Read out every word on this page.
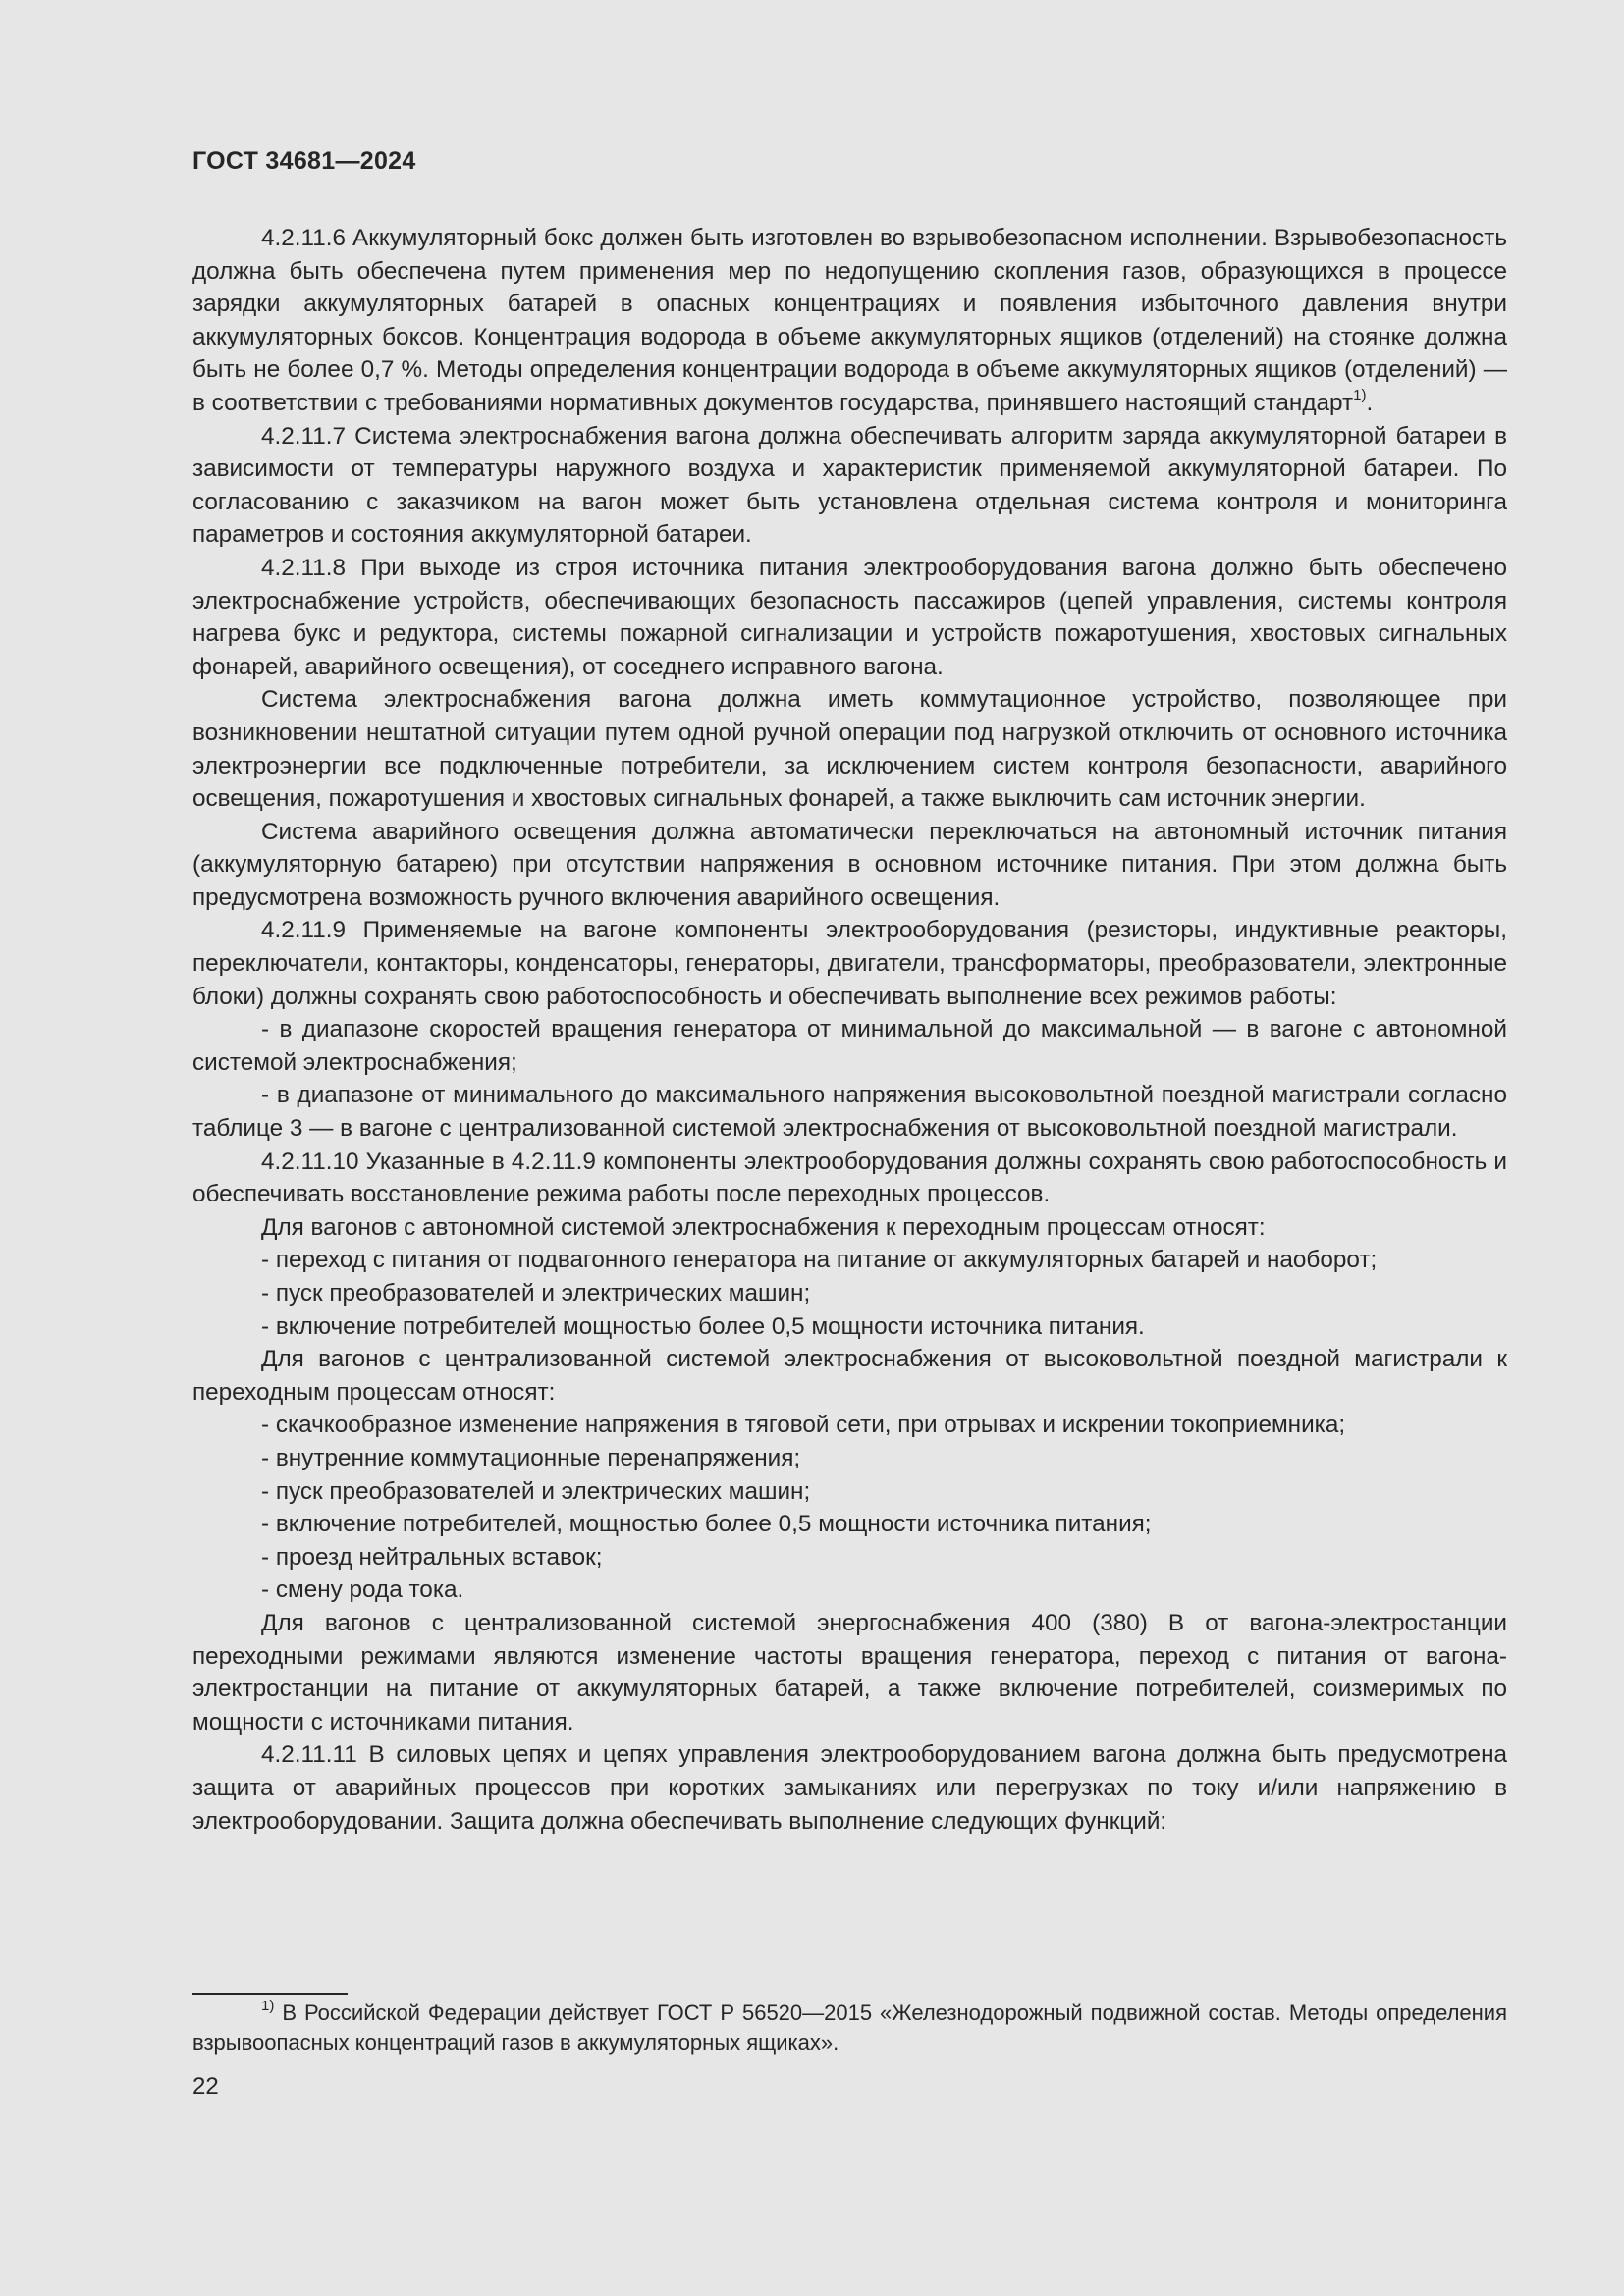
ГОСТ 34681—2024

4.2.11.6 Аккумуляторный бокс должен быть изготовлен во взрывобезопасном исполнении. Взрывобезопасность должна быть обеспечена путем применения мер по недопущению скопления газов, образующихся в процессе зарядки аккумуляторных батарей в опасных концентрациях и появления избыточного давления внутри аккумуляторных боксов. Концентрация водорода в объеме аккумуляторных ящиков (отделений) на стоянке должна быть не более 0,7 %. Методы определения концентрации водорода в объеме аккумуляторных ящиков (отделений) — в соответствии с требованиями нормативных документов государства, принявшего настоящий стандарт$^{1)}$.

4.2.11.7 Система электроснабжения вагона должна обеспечивать алгоритм заряда аккумуляторной батареи в зависимости от температуры наружного воздуха и характеристик применяемой аккумуляторной батареи. По согласованию с заказчиком на вагон может быть установлена отдельная система контроля и мониторинга параметров и состояния аккумуляторной батареи.

4.2.11.8 При выходе из строя источника питания электрооборудования вагона должно быть обеспечено электроснабжение устройств, обеспечивающих безопасность пассажиров (цепей управления, системы контроля нагрева букс и редуктора, системы пожарной сигнализации и устройств пожаротушения, хвостовых сигнальных фонарей, аварийного освещения), от соседнего исправного вагона.

Система электроснабжения вагона должна иметь коммутационное устройство, позволяющее при возникновении нештатной ситуации путем одной ручной операции под нагрузкой отключить от основного источника электроэнергии все подключенные потребители, за исключением систем контроля безопасности, аварийного освещения, пожаротушения и хвостовых сигнальных фонарей, а также выключить сам источник энергии.

Система аварийного освещения должна автоматически переключаться на автономный источник питания (аккумуляторную батарею) при отсутствии напряжения в основном источнике питания. При этом должна быть предусмотрена возможность ручного включения аварийного освещения.

4.2.11.9 Применяемые на вагоне компоненты электрооборудования (резисторы, индуктивные реакторы, переключатели, контакторы, конденсаторы, генераторы, двигатели, трансформаторы, преобразователи, электронные блоки) должны сохранять свою работоспособность и обеспечивать выполнение всех режимов работы:

- в диапазоне скоростей вращения генератора от минимальной до максимальной — в вагоне с автономной системой электроснабжения;

- в диапазоне от минимального до максимального напряжения высоковольтной поездной магистрали согласно таблице 3 — в вагоне с централизованной системой электроснабжения от высоковольтной поездной магистрали.

4.2.11.10 Указанные в 4.2.11.9 компоненты электрооборудования должны сохранять свою работоспособность и обеспечивать восстановление режима работы после переходных процессов.

Для вагонов с автономной системой электроснабжения к переходным процессам относят:

- переход с питания от подвагонного генератора на питание от аккумуляторных батарей и наоборот;

- пуск преобразователей и электрических машин;

- включение потребителей мощностью более 0,5 мощности источника питания.

Для вагонов с централизованной системой электроснабжения от высоковольтной поездной магистрали к переходным процессам относят:

- скачкообразное изменение напряжения в тяговой сети, при отрывах и искрении токоприемника;

- внутренние коммутационные перенапряжения;

- пуск преобразователей и электрических машин;

- включение потребителей, мощностью более 0,5 мощности источника питания;

- проезд нейтральных вставок;

- смену рода тока.

Для вагонов с централизованной системой энергоснабжения 400 (380) В от вагона-электростанции переходными режимами являются изменение частоты вращения генератора, переход с питания от вагона-электростанции на питание от аккумуляторных батарей, а также включение потребителей, соизмеримых по мощности с источниками питания.

4.2.11.11 В силовых цепях и цепях управления электрооборудованием вагона должна быть предусмотрена защита от аварийных процессов при коротких замыканиях или перегрузках по току и/или напряжению в электрооборудовании. Защита должна обеспечивать выполнение следующих функций:

$^{1)}$ В Российской Федерации действует ГОСТ Р 56520—2015 «Железнодорожный подвижной состав. Методы определения взрывоопасных концентраций газов в аккумуляторных ящиках».

22
